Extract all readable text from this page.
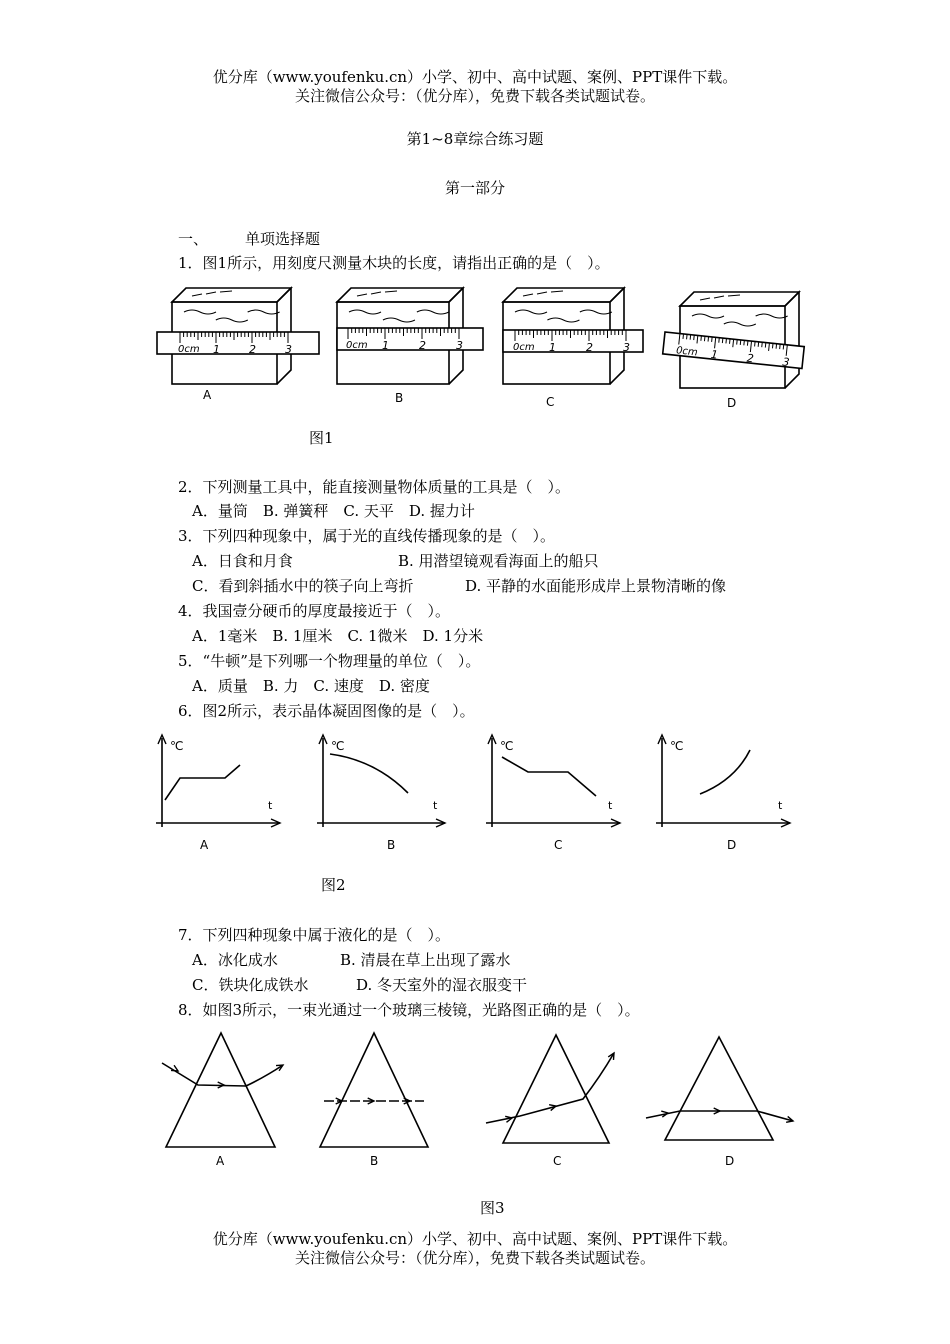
优分库（www.youfenku.cn）小学、初中、高中试题、案例、PPT课件下载。
关注微信公众号：（优分库），免费下载各类试题试卷。
第1~8章综合练习题
第一部分
一、 单项选择题
1．图1所示，用刻度尺测量木块的长度，请指出正确的是（　）。
0cm 1	2	3	0cm 1	2	3	0cm 1	2	3	0cm 1 2 3
A	B	C	D
图1
2．下列测量工具中，能直接测量物体质量的工具是（　）。
A．量筒　B. 弹簧秤　C. 天平　D. 握力计
3．下列四种现象中，属于光的直线传播现象的是（　）。
A．日食和月食	B. 用潜望镜观看海面上的船只
C．看到斜插水中的筷子向上弯折	D. 平静的水面能形成岸上景物清晰的像
4．我国壹分硬币的厚度最接近于（　）。
A．1毫米　B. 1厘米　C. 1微米　D. 1分米
5．“牛顿”是下列哪一个物理量的单位（　）。
A．质量　B. 力　C. 速度　D. 密度
6．图2所示，表示晶体凝固图像的是（　）。
℃
t
℃
t
℃
t
℃
t
A	B	C	D
图2
7．下列四种现象中属于液化的是（　）。
A．冰化成水	B. 清晨在草上出现了露水
C．铁块化成铁水	D. 冬天室外的湿衣服变干
8．如图3所示，一束光通过一个玻璃三棱镜，光路图正确的是（　）。
A	B	C	D
图3
优分库（www.youfenku.cn）小学、初中、高中试题、案例、PPT课件下载。
关注微信公众号：（优分库），免费下载各类试题试卷。
